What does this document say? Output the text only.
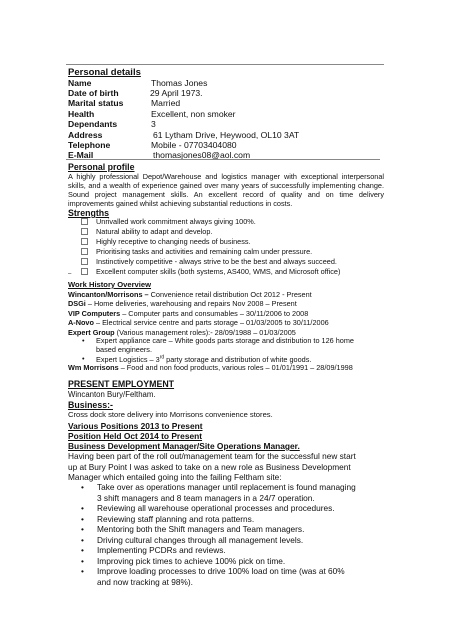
Personal details
Name	Thomas Jones
Date of birth	29 April 1973.
Marital status	Married
Health	Excellent, non smoker
Dependants	3
Address	61 Lytham Drive, Heywood, OL10 3AT
Telephone	Mobile - 07703404080
E-Mail	thomasjones08@aol.com
Personal profile
A highly professional Depot/Warehouse and logistics manager with exceptional interpersonal skills, and a wealth of experience gained over many years of successfully implementing change. Sound project management skills. An excellent record of quality and on time delivery improvements gained whilst achieving substantial reductions in costs.
Strengths
Unrivalled work commitment always giving 100%.
Natural ability to adapt and develop.
Highly receptive to changing needs of business.
Prioritising tasks and activities and remaining calm under pressure.
Instinctively competitive - always strive to be the best and always succeed.
Excellent computer skills (both systems, AS400, WMS, and Microsoft office)
–
Work History Overview
Wincanton/Morrisons – Convenience retail distribution Oct 2012 - Present
DSGi – Home deliveries, warehousing and repairs Nov 2008 – Present
VIP Computers – Computer parts and consumables – 30/11/2006 to 2008
A-Novo – Electrical service centre and parts storage – 01/03/2005 to 30/11/2006
Expert Group (Various management roles):- 28/09/1988 – 01/03/2005
• Expert appliance care – White goods parts storage and distribution to 126 home based engineers.
• Expert Logistics – 3rd party storage and distribution of white goods.
Wm Morrisons – Food and non food products, various roles – 01/01/1991 – 28/09/1998
PRESENT EMPLOYMENT
Wincanton Bury/Feltham.
Business:-
Cross dock store delivery into Morrisons convenience stores.
Various Positions 2013 to Present
Position Held Oct 2014 to Present
Business Development Manager/Site Operations Manager.
Having been part of the roll out/management team for the successful new start up at Bury Point I was asked to take on a new role as Business Development Manager which entailed going into the failing Feltham site:
• Take over as operations manager until replacement is found managing 3 shift managers and 8 team managers in a 24/7 operation.
• Reviewing all warehouse operational processes and procedures.
• Reviewing staff planning and rota patterns.
• Mentoring both the Shift managers and Team managers.
• Driving cultural changes through all management levels.
• Implementing PCDRs and reviews.
• Improving pick times to achieve 100% pick on time.
• Improve loading processes to drive 100% load on time (was at 60% and now tracking at 98%).
